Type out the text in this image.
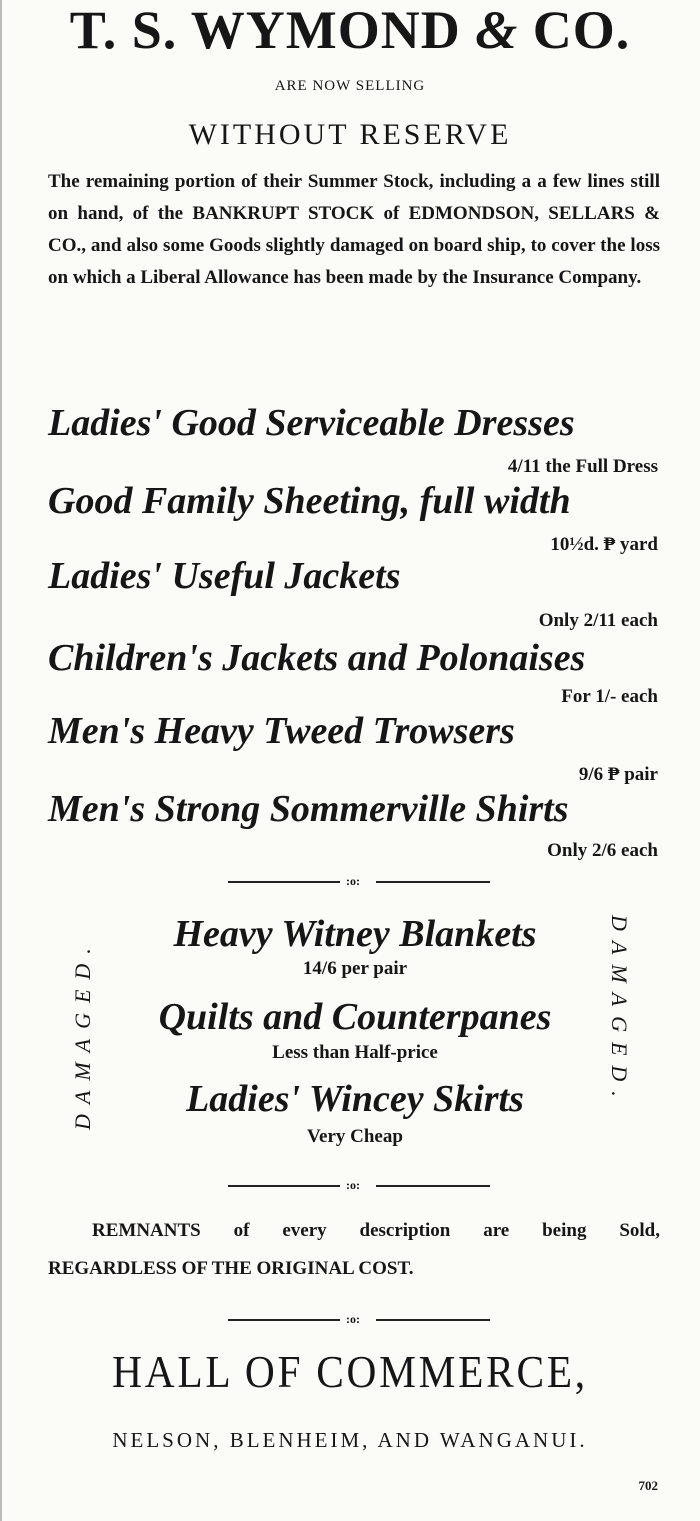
T. S. WYMOND & CO.
ARE NOW SELLING
WITHOUT RESERVE
The remaining portion of their Summer Stock, including a a few lines still on hand, of the BANKRUPT STOCK of EDMONDSON, SELLARS & CO., and also some Goods slightly damaged on board ship, to cover the loss on which a Liberal Allowance has been made by the Insurance Company.
Ladies' Good Serviceable Dresses
4/11 the Full Dress
Good Family Sheeting, full width
10½d. ₱ yard
Ladies' Useful Jackets
Only 2/11 each
Children's Jackets and Polonaises
For 1/- each
Men's Heavy Tweed Trowsers
9/6 ₱ pair
Men's Strong Sommerville Shirts
Only 2/6 each
:o:
DAMAGED.	DAMAGED.
Heavy Witney Blankets
14/6 per pair
Quilts and Counterpanes
Less than Half-price
Ladies' Wincey Skirts
Very Cheap
:o:
REMNANTS of every description are being Sold,
REGARDLESS OF THE ORIGINAL COST.
:o:
HALL OF COMMERCE,
NELSON, BLENHEIM, AND WANGANUI.
702
